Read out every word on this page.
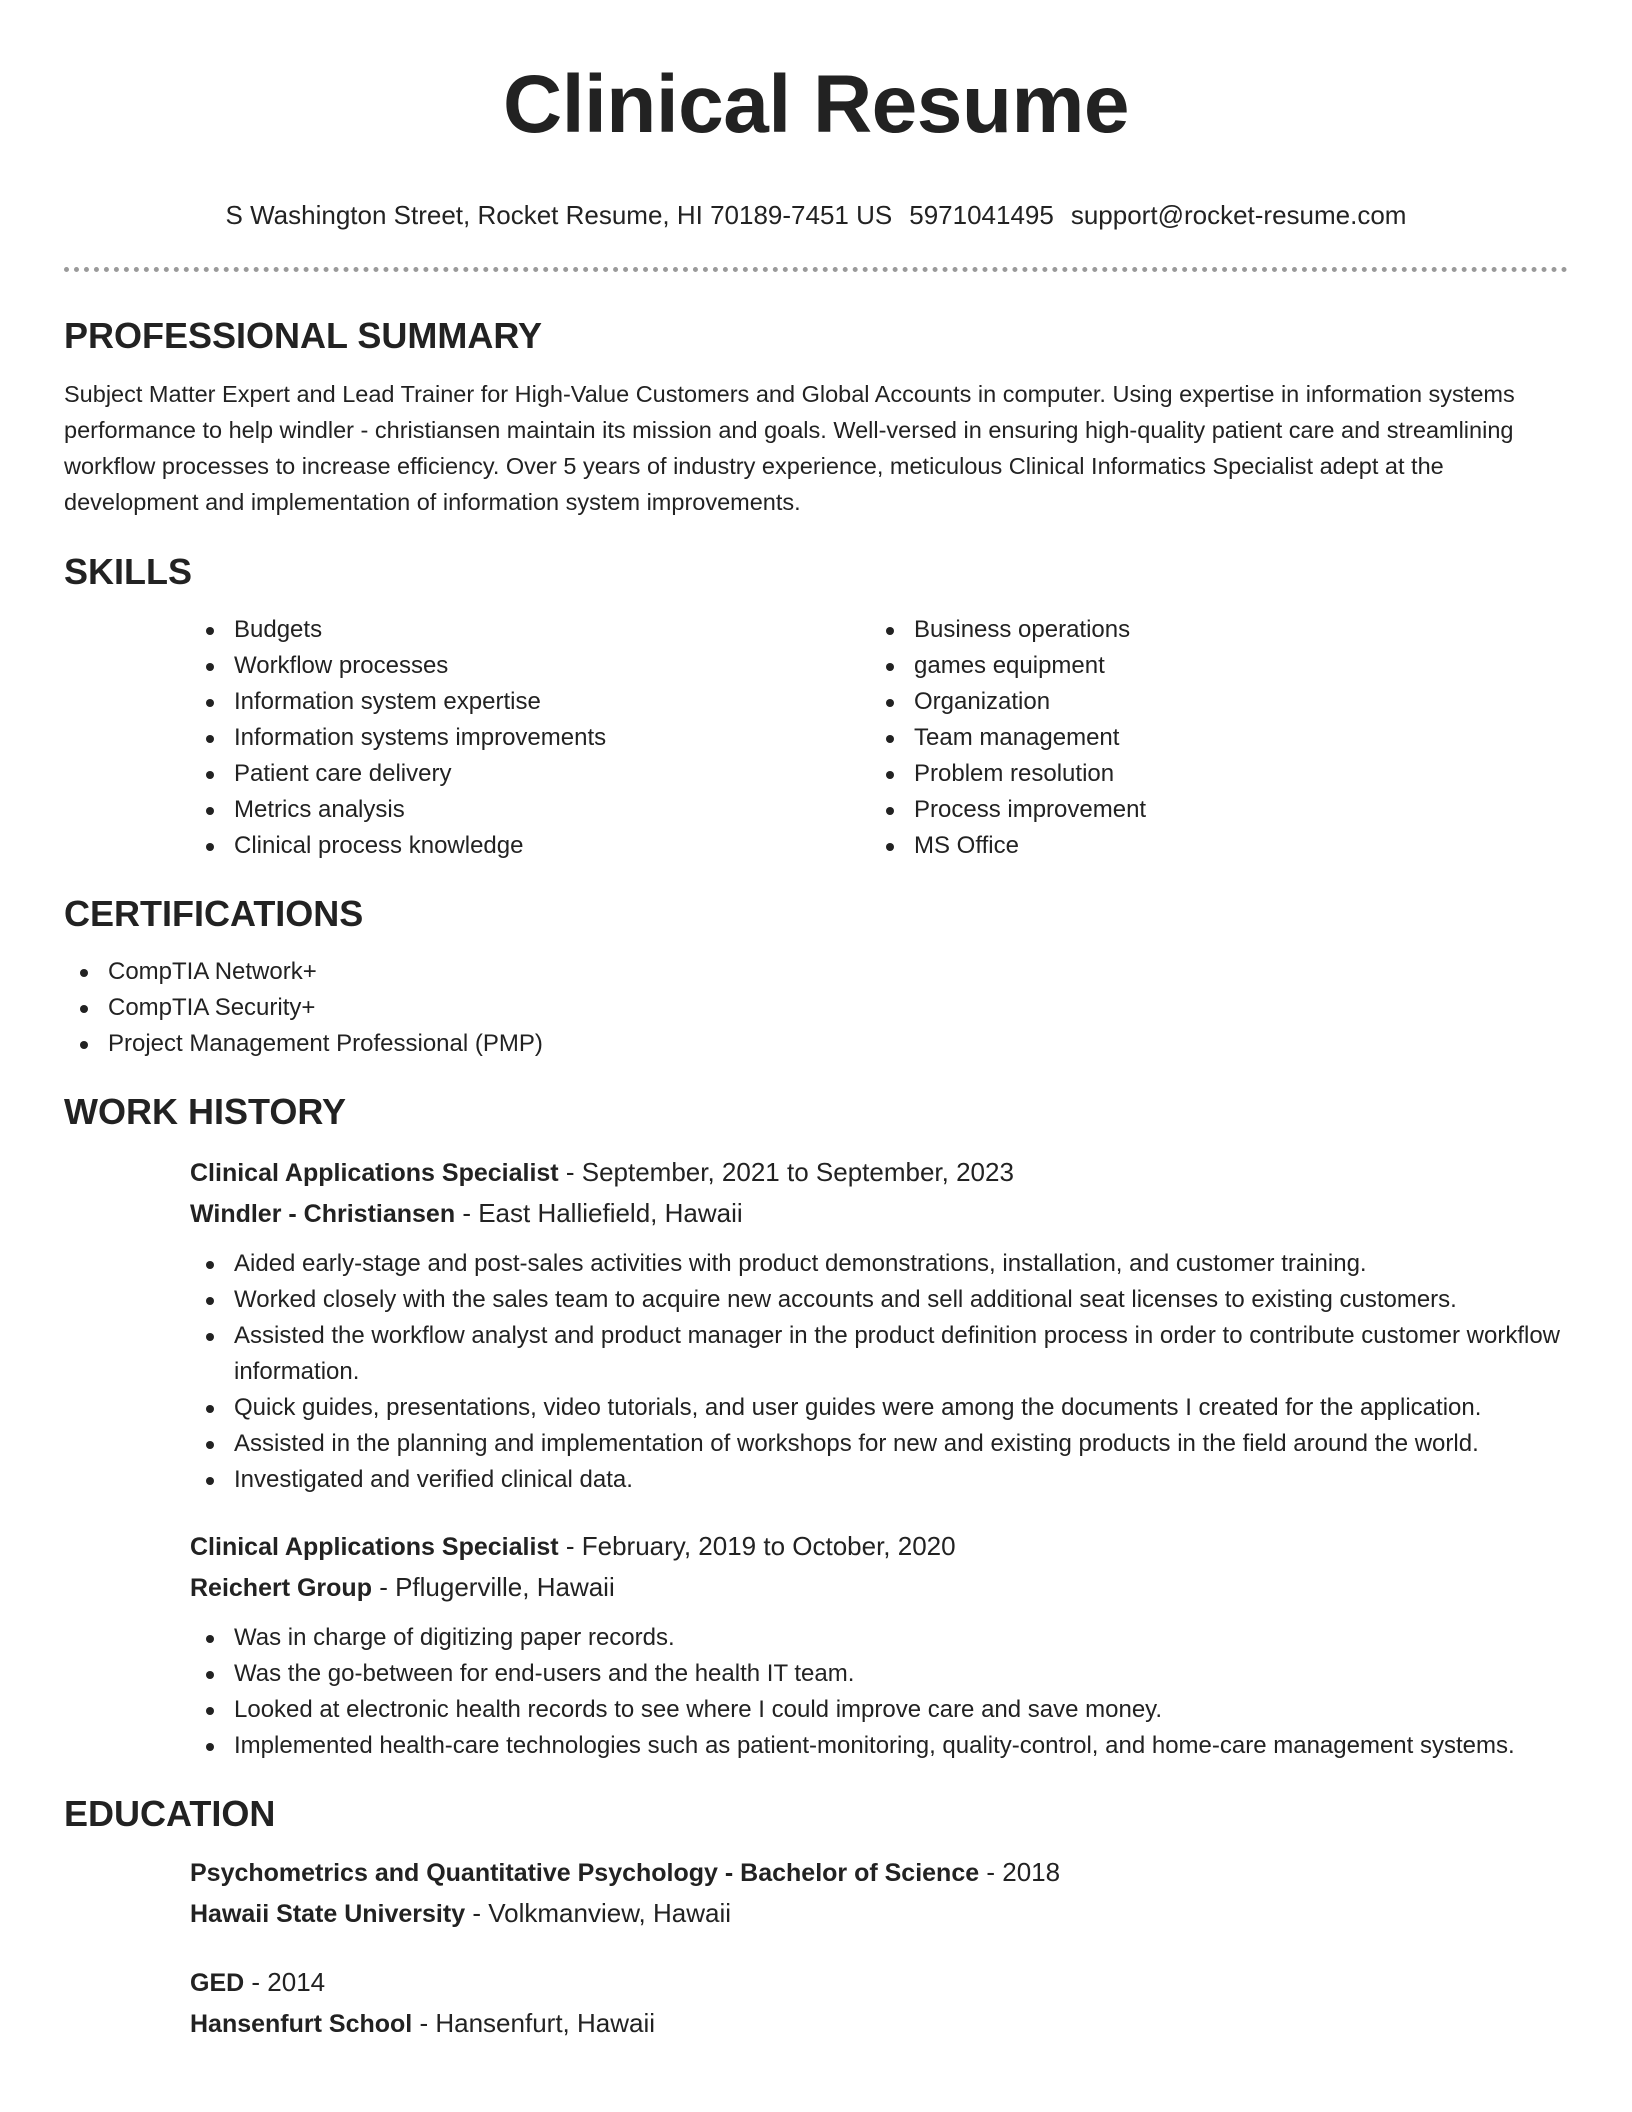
Clinical Resume
S Washington Street, Rocket Resume, HI 70189-7451 US 5971041495 support@rocket-resume.com
PROFESSIONAL SUMMARY

Subject Matter Expert and Lead Trainer for High-Value Customers and Global Accounts in computer. Using expertise in information systems performance to help windler - christiansen maintain its mission and goals. Well-versed in ensuring high-quality patient care and streamlining workflow processes to increase efficiency. Over 5 years of industry experience, meticulous Clinical Informatics Specialist adept at the development and implementation of information system improvements.

SKILLS
Budgets
Workflow processes
Information system expertise
Information systems improvements
Patient care delivery
Metrics analysis
Clinical process knowledge
Business operations
games equipment
Organization
Team management
Problem resolution
Process improvement
MS Office
CERTIFICATIONS
CompTIA Network+
CompTIA Security+
Project Management Professional (PMP)
WORK HISTORY
Clinical Applications Specialist - September, 2021 to September, 2023
Windler - Christiansen - East Halliefield, Hawaii
Aided early-stage and post-sales activities with product demonstrations, installation, and customer training.
Worked closely with the sales team to acquire new accounts and sell additional seat licenses to existing customers.
Assisted the workflow analyst and product manager in the product definition process in order to contribute customer workflow information.
Quick guides, presentations, video tutorials, and user guides were among the documents I created for the application.
Assisted in the planning and implementation of workshops for new and existing products in the field around the world.
Investigated and verified clinical data.
Clinical Applications Specialist - February, 2019 to October, 2020
Reichert Group - Pflugerville, Hawaii
Was in charge of digitizing paper records.
Was the go-between for end-users and the health IT team.
Looked at electronic health records to see where I could improve care and save money.
Implemented health-care technologies such as patient-monitoring, quality-control, and home-care management systems.
EDUCATION
Psychometrics and Quantitative Psychology - Bachelor of Science - 2018
Hawaii State University - Volkmanview, Hawaii
GED - 2014
Hansenfurt School - Hansenfurt, Hawaii
